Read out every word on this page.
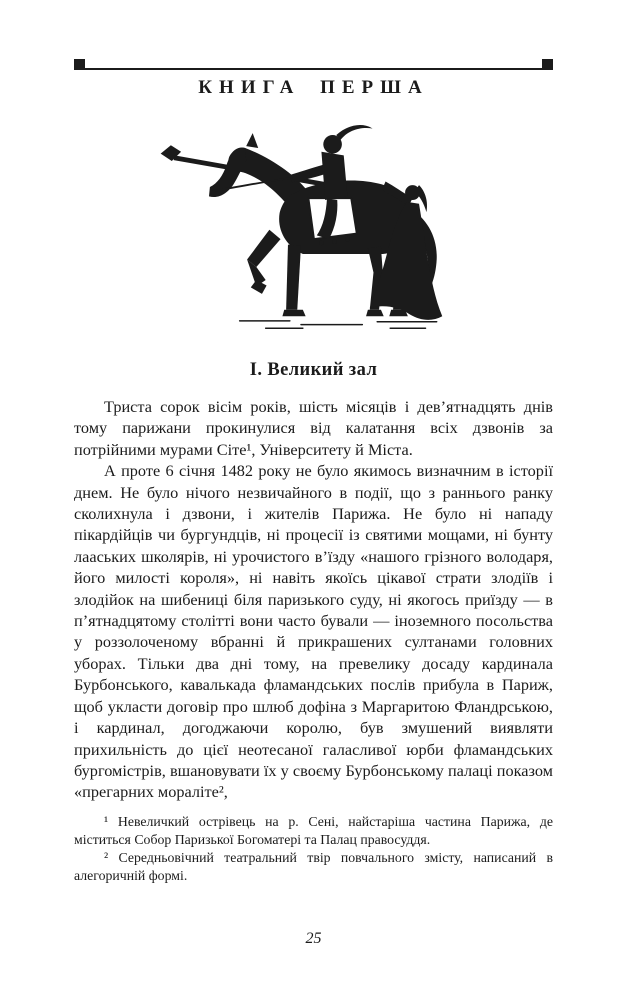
КНИГА ПЕРША
І. Великий зал

Триста сорок вісім років, шість місяців і дев’ятнадцять днів тому парижани прокинулися від калатання всіх дзвонів за потрійними мурами Сіте¹, Університету й Міста.

А проте 6 січня 1482 року не було якимось визначним в історії днем. Не було нічого незвичайного в події, що з раннього ранку сколихнула і дзвони, і жителів Парижа. Не було ні нападу пікардійців чи бургундців, ні процесії із святими мощами, ні бунту лааських школярів, ні урочистого в’їзду «нашого грізного володаря, його милості короля», ні навіть якоїсь цікавої страти злодіїв і злодійок на шибениці біля паризького суду, ні якогось приїзду — в п’ятнадцятому столітті вони часто бували — іноземного посольства у роззолоченому вбранні й прикрашених султанами головних уборах. Тільки два дні тому, на превелику досаду кардинала Бурбонського, кавалькада фламандських послів прибула в Париж, щоб укласти договір про шлюб дофіна з Маргаритою Фландрською, і кардинал, догоджаючи королю, був змушений виявляти прихильність до цієї неотесаної галасливої юрби фламандських бургомістрів, вшановувати їх у своєму Бурбонському палаці показом «прегарних мораліте²,

¹ Невеличкий острівець на р. Сені, найстаріша частина Парижа, де міститься Собор Паризької Богоматері та Палац правосуддя.

² Середньовічний театральний твір повчального змісту, написаний в алегоричній формі.

25
